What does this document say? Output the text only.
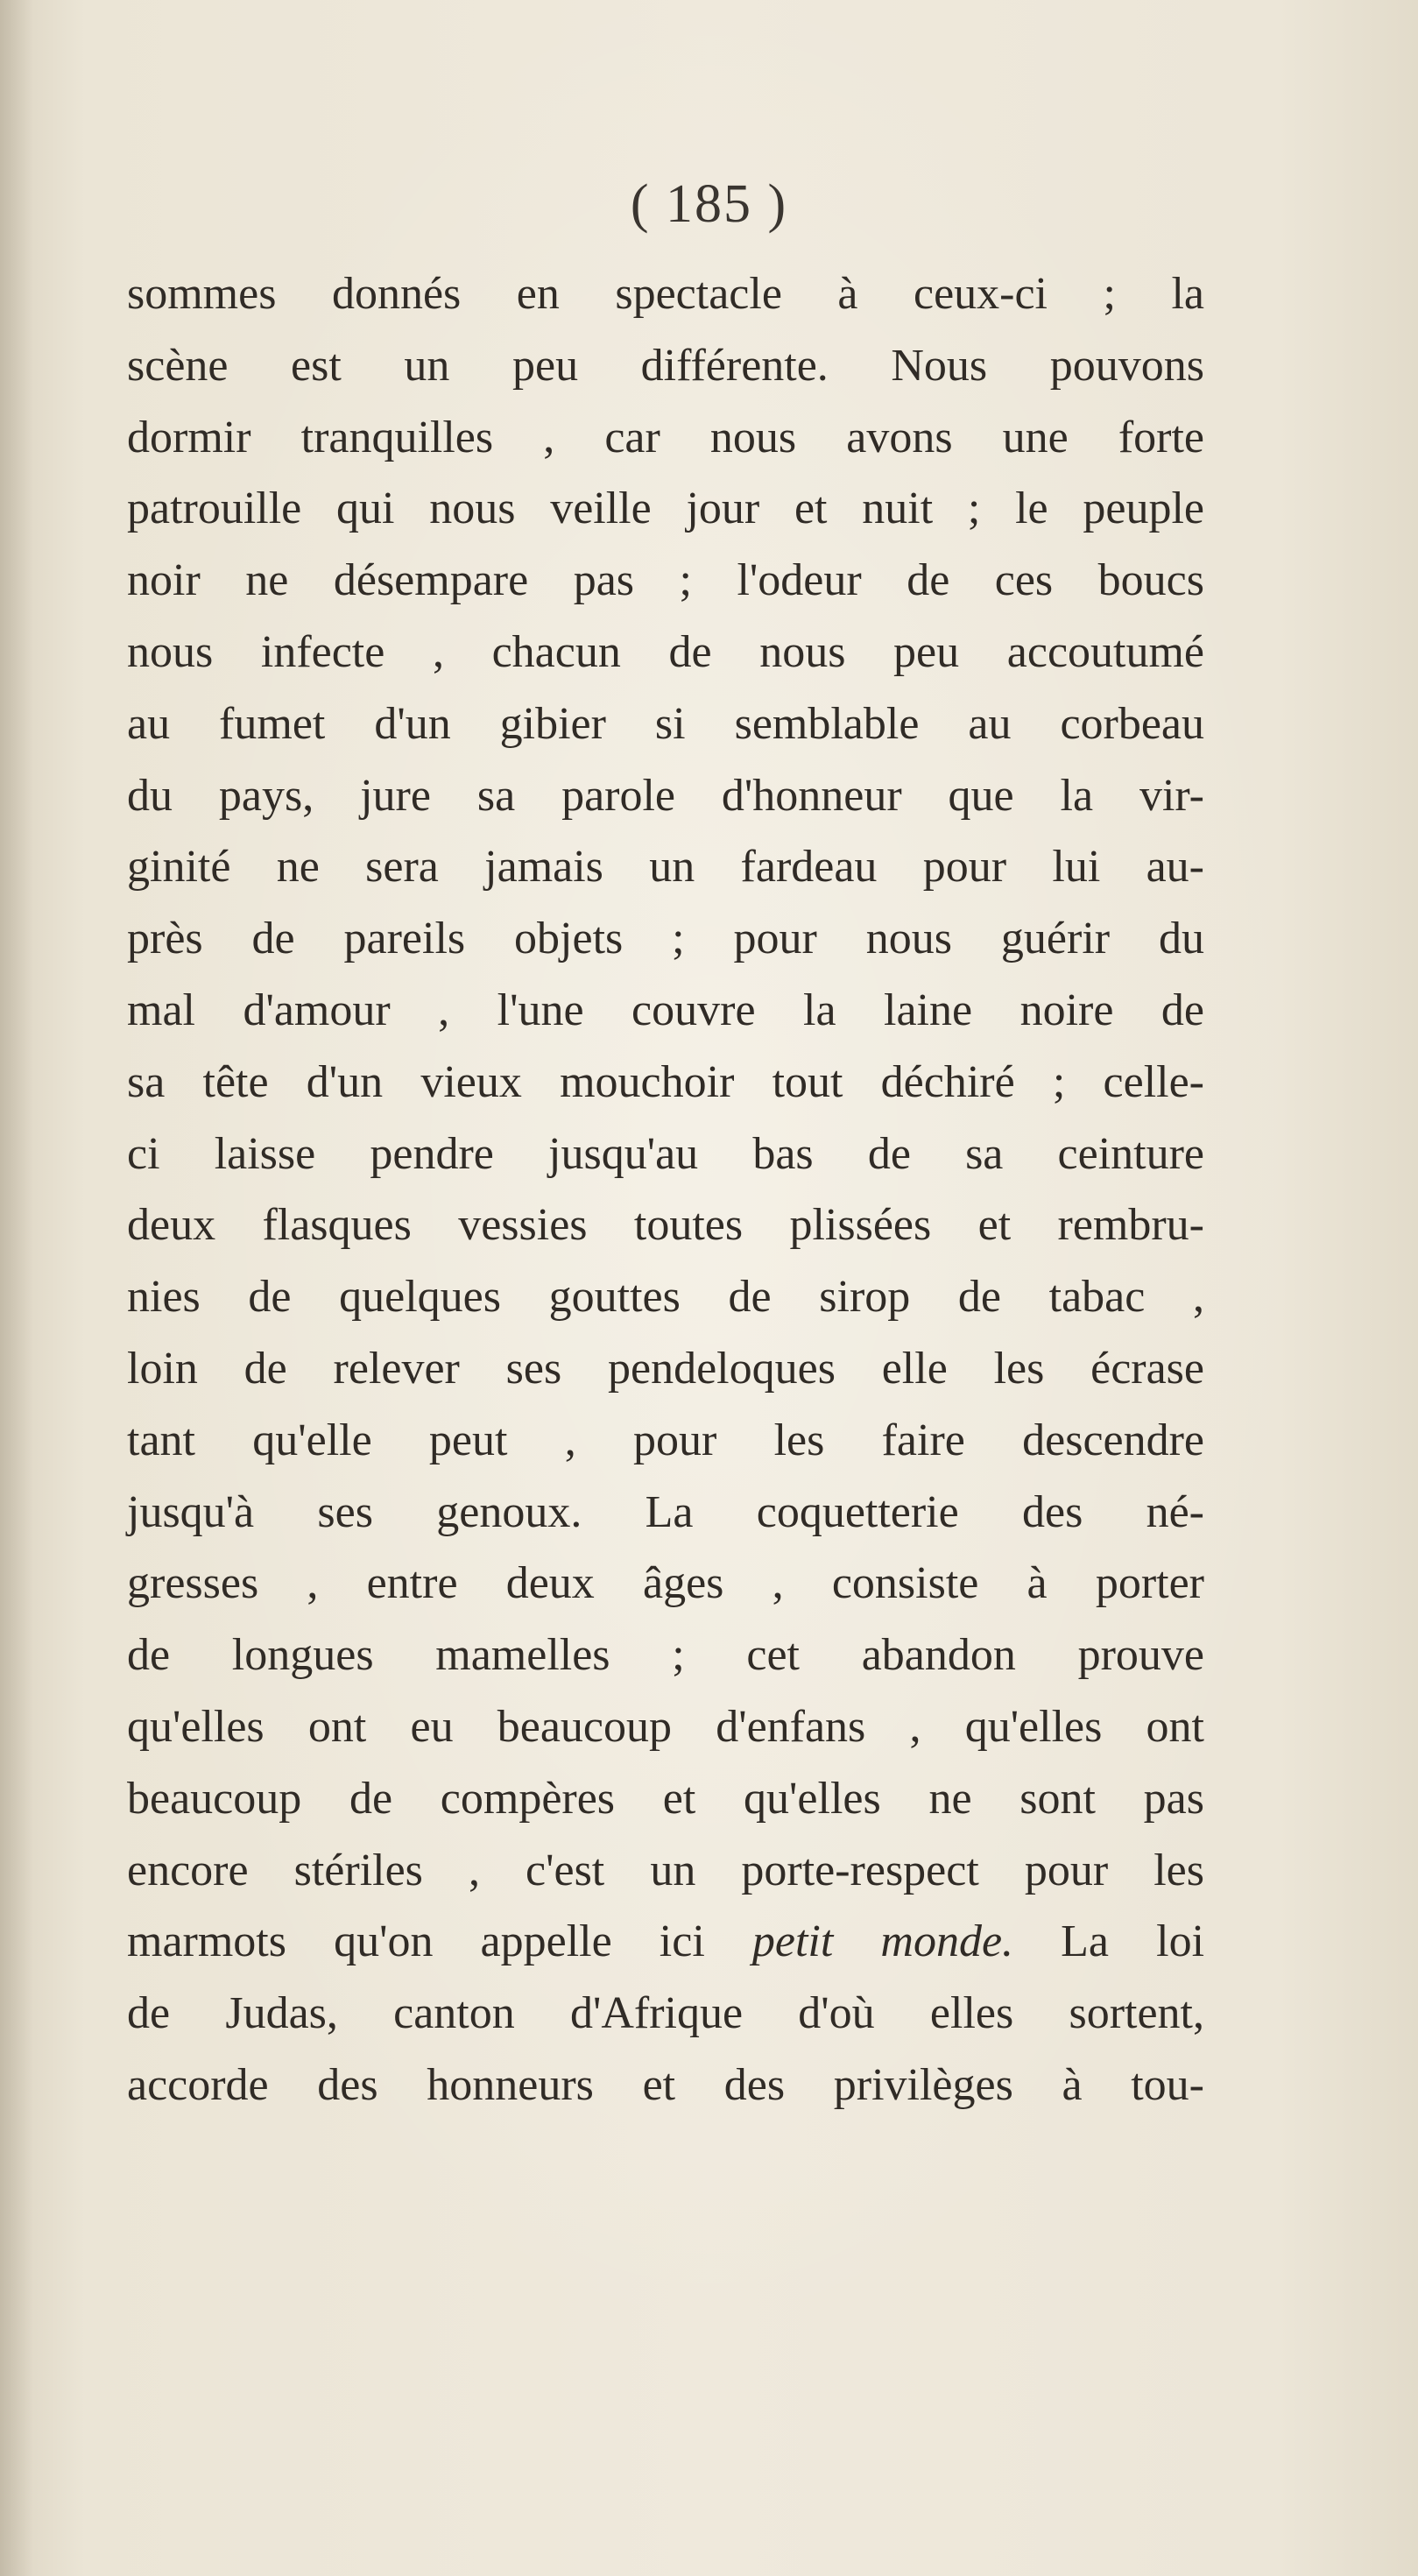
( 185 )
sommes donnés en spectacle à ceux-ci ; la
scène est un peu différente. Nous pouvons
dormir tranquilles , car nous avons une forte
patrouille qui nous veille jour et nuit ; le peuple
noir ne désempare pas ; l'odeur de ces boucs
nous infecte , chacun de nous peu accoutumé
au fumet d'un gibier si semblable au corbeau
du pays, jure sa parole d'honneur que la vir-
ginité ne sera jamais un fardeau pour lui au-
près de pareils objets ; pour nous guérir du
mal d'amour , l'une couvre la laine noire de
sa tête d'un vieux mouchoir tout déchiré ; celle-
ci laisse pendre jusqu'au bas de sa ceinture
deux flasques vessies toutes plissées et rembru-
nies de quelques gouttes de sirop de tabac ,
loin de relever ses pendeloques elle les écrase
tant qu'elle peut , pour les faire descendre
jusqu'à ses genoux. La coquetterie des né-
gresses , entre deux âges , consiste à porter
de longues mamelles ; cet abandon prouve
qu'elles ont eu beaucoup d'enfans , qu'elles ont
beaucoup de compères et qu'elles ne sont pas
encore stériles , c'est un porte-respect pour les
marmots qu'on appelle ici petit monde. La loi
de Judas, canton d'Afrique d'où elles sortent,
accorde des honneurs et des privilèges à tou-
